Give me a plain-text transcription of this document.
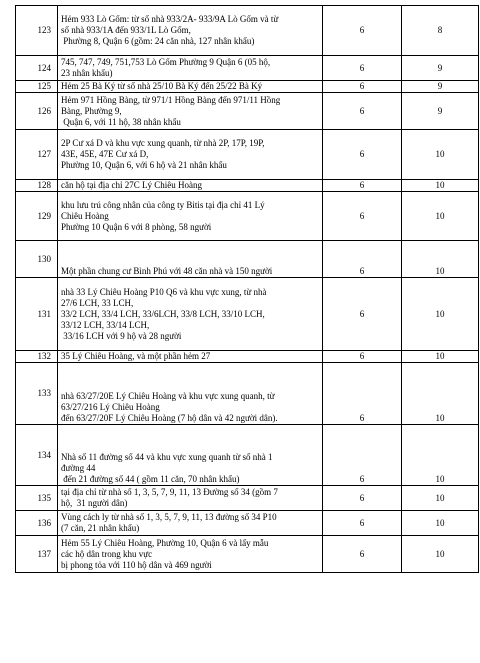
123	Hẻm 933 Lò Gốm: từ số nhà 933/2A- 933/9A Lò Gốm và từ
số nhà 933/1A đến 933/1L Lò Gốm,
Phường 8, Quận 6 (gồm: 24 căn nhà, 127 nhân khẩu)	6	8
124	745, 747, 749, 751,753 Lò Gốm Phường 9 Quận 6 (05 hộ,
23 nhân khẩu)	6	9
125	Hẻm 25 Bà Ký từ số nhà 25/10 Bà Ký đến 25/22 Bà Ký	6	9
126	Hẻm 971 Hồng Bàng, từ 971/1 Hồng Bàng đến 971/11 Hồng
Bàng, Phường 9,
Quận 6, với 11 hộ, 38 nhân khẩu	6	9
127	2P Cư xá D và khu vực xung quanh, từ nhà 2P, 17P, 19P,
43E, 45E, 47E Cư xá D,
Phường 10, Quận 6, với 6 hộ và 21 nhân khẩu	6	10
128	căn hộ tại địa chỉ 27C Lý Chiêu Hoàng	6	10
129	khu lưu trú công nhân của công ty Bitis tại địa chỉ 41 Lý
Chiêu Hoàng
Phường 10 Quận 6 với 8 phòng, 58 người	6	10
130	Một phần chung cư Bình Phú với 48 căn nhà và 150 người	6	10
131	nhà 33 Lý Chiêu Hoàng P10 Q6 và khu vực xung, từ nhà
27/6 LCH, 33 LCH,
33/2 LCH, 33/4 LCH, 33/6LCH, 33/8 LCH, 33/10 LCH,
33/12 LCH, 33/14 LCH,
33/16 LCH với 9 hộ và 28 người	6	10
132	35 Lý Chiêu Hoàng, và một phần hẻm 27	6	10
133	nhà 63/27/20E Lý Chiêu Hoàng và khu vực xung quanh, từ
63/27/216 Lý Chiêu Hoàng
đến 63/27/20F Lý Chiêu Hoàng (7 hộ dân và 42 người dân).	6	10
134	Nhà số 11 đường số 44 và khu vực xung quanh từ số nhà 1
đường 44
đến 21 đường số 44 ( gồm 11 căn, 70 nhân khẩu)	6	10
135	tại địa chỉ từ nhà số 1, 3, 5, 7, 9, 11, 13 Đường số 34 (gồm 7
hộ,  31 người dân)	6	10
136	Vùng cách ly từ nhà số 1, 3, 5, 7, 9, 11, 13 đường số 34 P10
(7 căn, 21 nhân khẩu)	6	10
137	Hẻm 55 Lý Chiêu Hoàng, Phường 10, Quận 6 và lấy mẫu
các hộ dân trong khu vực
bị phong tỏa với 110 hộ dân và 469 người	6	10
